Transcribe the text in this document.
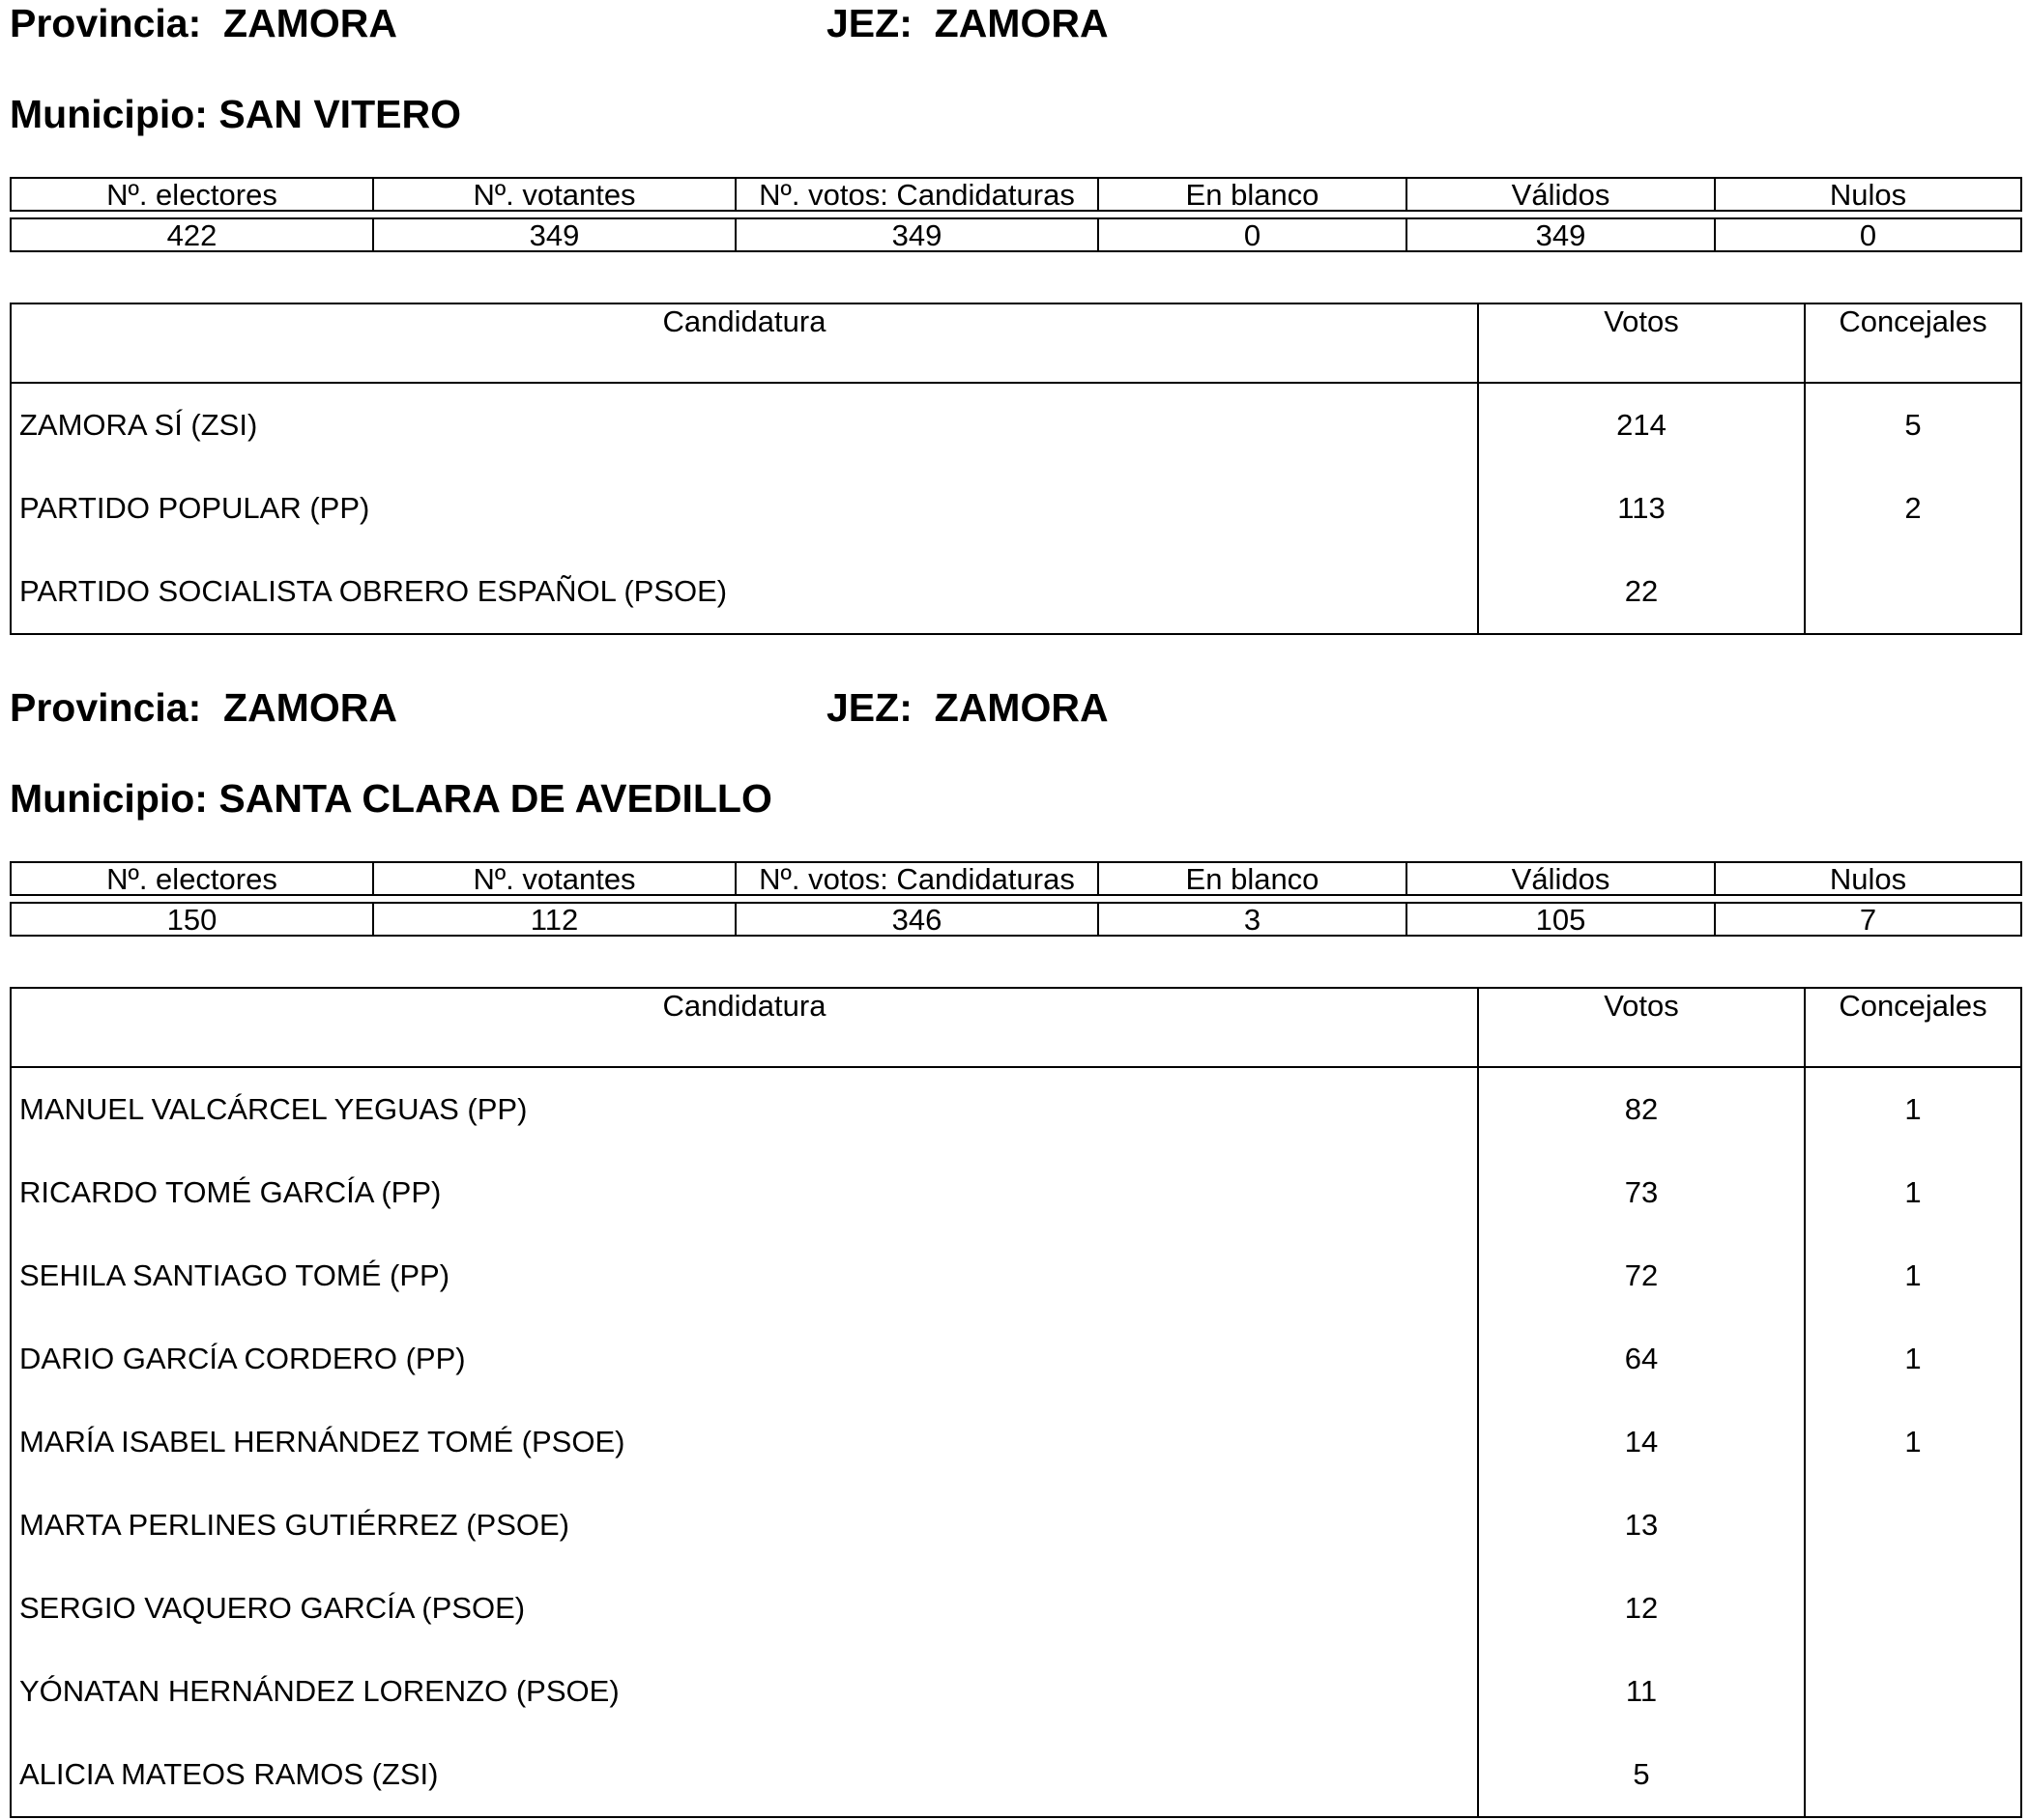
Provincia: ZAMORA	JEZ: ZAMORA
Municipio: SAN VITERO
Nº. electores	Nº. votantes	Nº. votos: Candidaturas	En blanco	Válidos	Nulos
422	349	349	0	349	0
Candidatura	Votos	Concejales
ZAMORA SÍ (ZSI)	214	5
PARTIDO POPULAR (PP)	113	2
PARTIDO SOCIALISTA OBRERO ESPAÑOL (PSOE)	22
Provincia: ZAMORA	JEZ: ZAMORA
Municipio: SANTA CLARA DE AVEDILLO
Nº. electores	Nº. votantes	Nº. votos: Candidaturas	En blanco	Válidos	Nulos
150	112	346	3	105	7
Candidatura	Votos	Concejales
MANUEL VALCÁRCEL YEGUAS (PP)	82	1
RICARDO TOMÉ GARCÍA (PP)	73	1
SEHILA SANTIAGO TOMÉ (PP)	72	1
DARIO GARCÍA CORDERO (PP)	64	1
MARÍA ISABEL HERNÁNDEZ TOMÉ (PSOE)	14	1
MARTA PERLINES GUTIÉRREZ (PSOE)	13
SERGIO VAQUERO GARCÍA (PSOE)	12
YÓNATAN HERNÁNDEZ LORENZO (PSOE)	11
ALICIA MATEOS RAMOS (ZSI)	5
